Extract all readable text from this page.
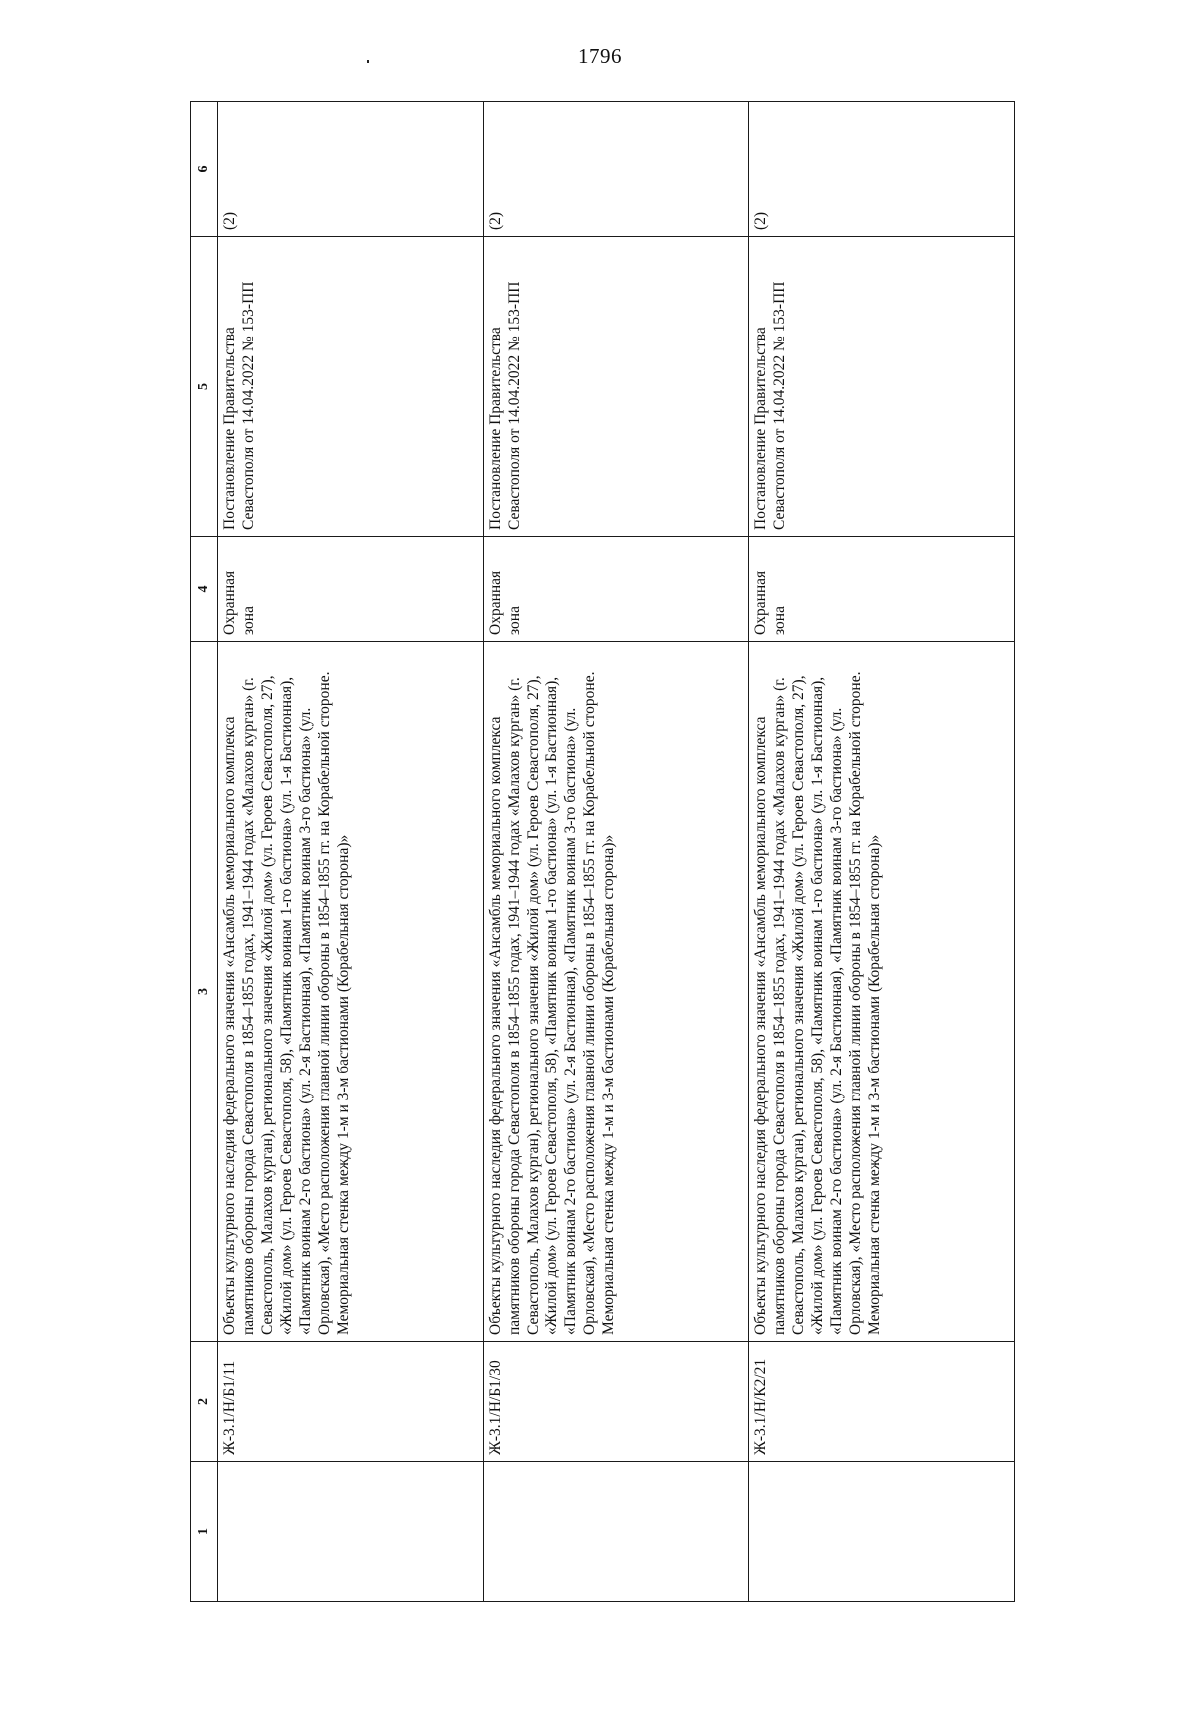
1796
1	2	3	4	5	6
	Ж-3.1/Н/Б1/11	Объекты культурного наследия федерального значения «Ансамбль мемориального комплекса памятников обороны города Севастополя в 1854–1855 годах, 1941–1944 годах «Малахов курган» (г. Севастополь, Малахов курган), регионального значения «Жилой дом» (ул. Героев Севастополя, 27), «Жилой дом» (ул. Героев Севастополя, 58), «Памятник воинам 1-го бастиона» (ул. 1-я Бастионная), «Памятник воинам 2-го бастиона» (ул. 2-я Бастионная), «Памятник воинам 3-го бастиона» (ул. Орловская), «Место расположения главной линии обороны в 1854–1855 гг. на Корабельной стороне. Мемориальная стенка между 1-м и 3-м бастионами (Корабельная сторона)»	Охранная зона	Постановление Правительства Севастополя от 14.04.2022 № 153-ПП	(2)
	Ж-3.1/Н/Б1/30	Объекты культурного наследия федерального значения «Ансамбль мемориального комплекса памятников обороны города Севастополя в 1854–1855 годах, 1941–1944 годах «Малахов курган» (г. Севастополь, Малахов курган), регионального значения «Жилой дом» (ул. Героев Севастополя, 27), «Жилой дом» (ул. Героев Севастополя, 58), «Памятник воинам 1-го бастиона» (ул. 1-я Бастионная), «Памятник воинам 2-го бастиона» (ул. 2-я Бастионная), «Памятник воинам 3-го бастиона» (ул. Орловская), «Место расположения главной линии обороны в 1854–1855 гг. на Корабельной стороне. Мемориальная стенка между 1-м и 3-м бастионами (Корабельная сторона)»	Охранная зона	Постановление Правительства Севастополя от 14.04.2022 № 153-ПП	(2)
	Ж-3.1/Н/К2/21	Объекты культурного наследия федерального значения «Ансамбль мемориального комплекса памятников обороны города Севастополя в 1854–1855 годах, 1941–1944 годах «Малахов курган» (г. Севастополь, Малахов курган), регионального значения «Жилой дом» (ул. Героев Севастополя, 27), «Жилой дом» (ул. Героев Севастополя, 58), «Памятник воинам 1-го бастиона» (ул. 1-я Бастионная), «Памятник воинам 2-го бастиона» (ул. 2-я Бастионная), «Памятник воинам 3-го бастиона» (ул. Орловская), «Место расположения главной линии обороны в 1854–1855 гг. на Корабельной стороне. Мемориальная стенка между 1-м и 3-м бастионами (Корабельная сторона)»	Охранная зона	Постановление Правительства Севастополя от 14.04.2022 № 153-ПП	(2)
